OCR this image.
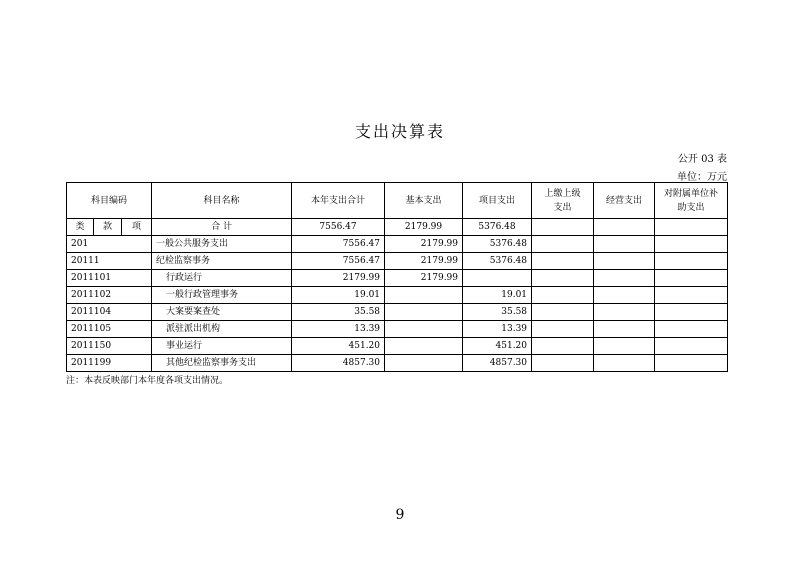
支出决算表
公开 03 表
单位：万元
科目编码			科目名称	本年支出合计	基本支出	项目支出	上缴上级支出	经营支出	对附属单位补助支出
类	款	项	合 计	7556.47	2179.99	5376.48			
201			一般公共服务支出	7556.47	2179.99	5376.48			
20111			纪检监察事务	7556.47	2179.99	5376.48			
2011101			行政运行	2179.99	2179.99				
2011102			一般行政管理事务	19.01		19.01			
2011104			大案要案查处	35.58		35.58			
2011105			派驻派出机构	13.39		13.39			
2011150			事业运行	451.20		451.20			
2011199			其他纪检监察事务支出	4857.30		4857.30			
注：本表反映部门本年度各项支出情况。
9
